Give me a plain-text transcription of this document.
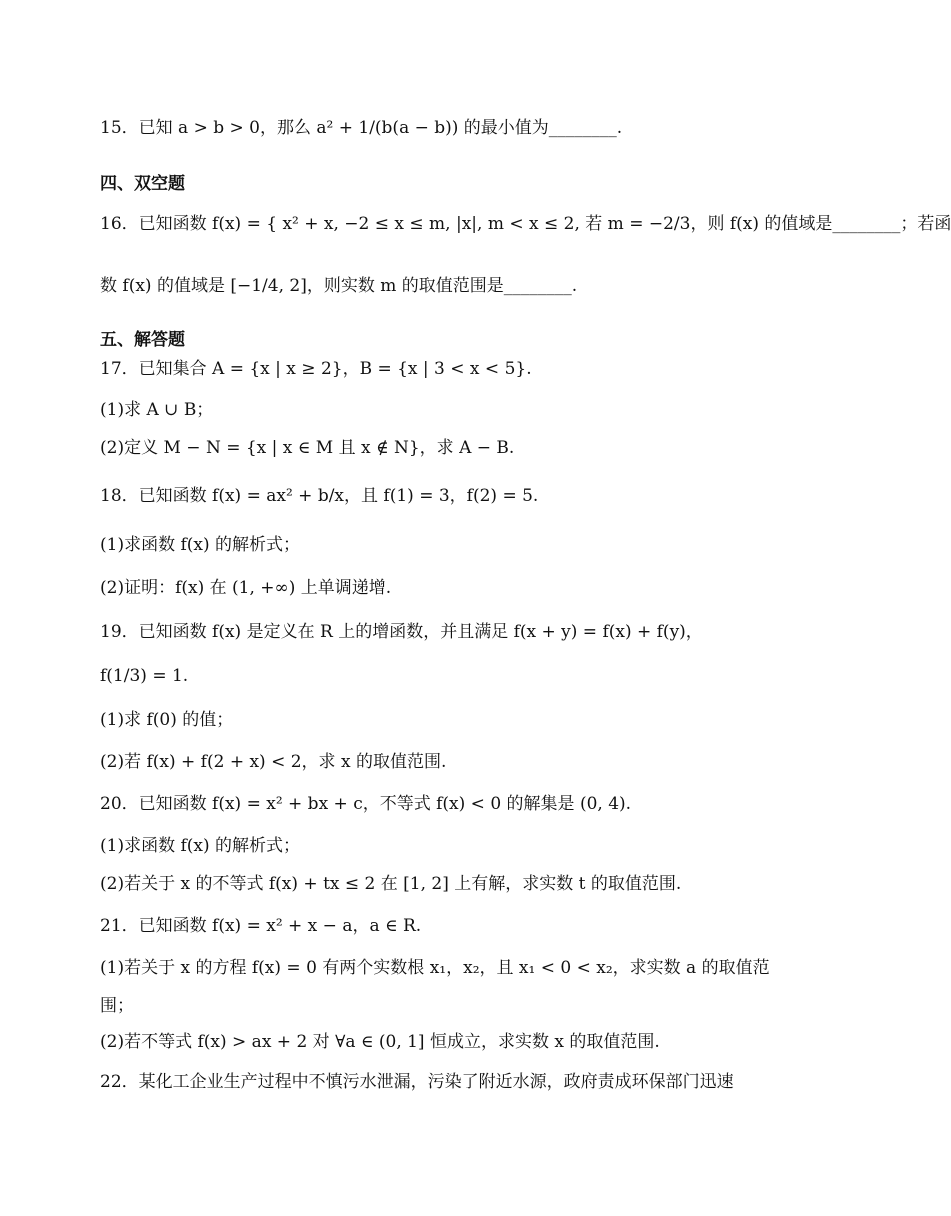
15．已知 a > b > 0，那么 a² + 1/(b(a − b)) 的最小值为________.
四、双空题
16．已知函数 f(x) = { x² + x, −2 ≤ x ≤ m, |x|, m < x ≤ 2, 若 m = −2/3，则 f(x) 的值域是________；若函
数 f(x) 的值域是 [−1/4, 2]，则实数 m 的取值范围是________.
五、解答题
17．已知集合 A = {x | x ≥ 2}，B = {x | 3 < x < 5}.
(1)求 A ∪ B；
(2)定义 M − N = {x | x ∈ M 且 x ∉ N}，求 A − B.
18．已知函数 f(x) = ax² + b/x，且 f(1) = 3，f(2) = 5.
(1)求函数 f(x) 的解析式；
(2)证明：f(x) 在 (1, +∞) 上单调递增.
19．已知函数 f(x) 是定义在 R 上的增函数，并且满足 f(x + y) = f(x) + f(y)，
f(1/3) = 1.
(1)求 f(0) 的值；
(2)若 f(x) + f(2 + x) < 2，求 x 的取值范围.
20．已知函数 f(x) = x² + bx + c，不等式 f(x) < 0 的解集是 (0, 4).
(1)求函数 f(x) 的解析式；
(2)若关于 x 的不等式 f(x) + tx ≤ 2 在 [1, 2] 上有解，求实数 t 的取值范围.
21．已知函数 f(x) = x² + x − a，a ∈ R.
(1)若关于 x 的方程 f(x) = 0 有两个实数根 x₁，x₂，且 x₁ < 0 < x₂，求实数 a 的取值范
围；
(2)若不等式 f(x) > ax + 2 对 ∀a ∈ (0, 1] 恒成立，求实数 x 的取值范围.
22．某化工企业生产过程中不慎污水泄漏，污染了附近水源，政府责成环保部门迅速
